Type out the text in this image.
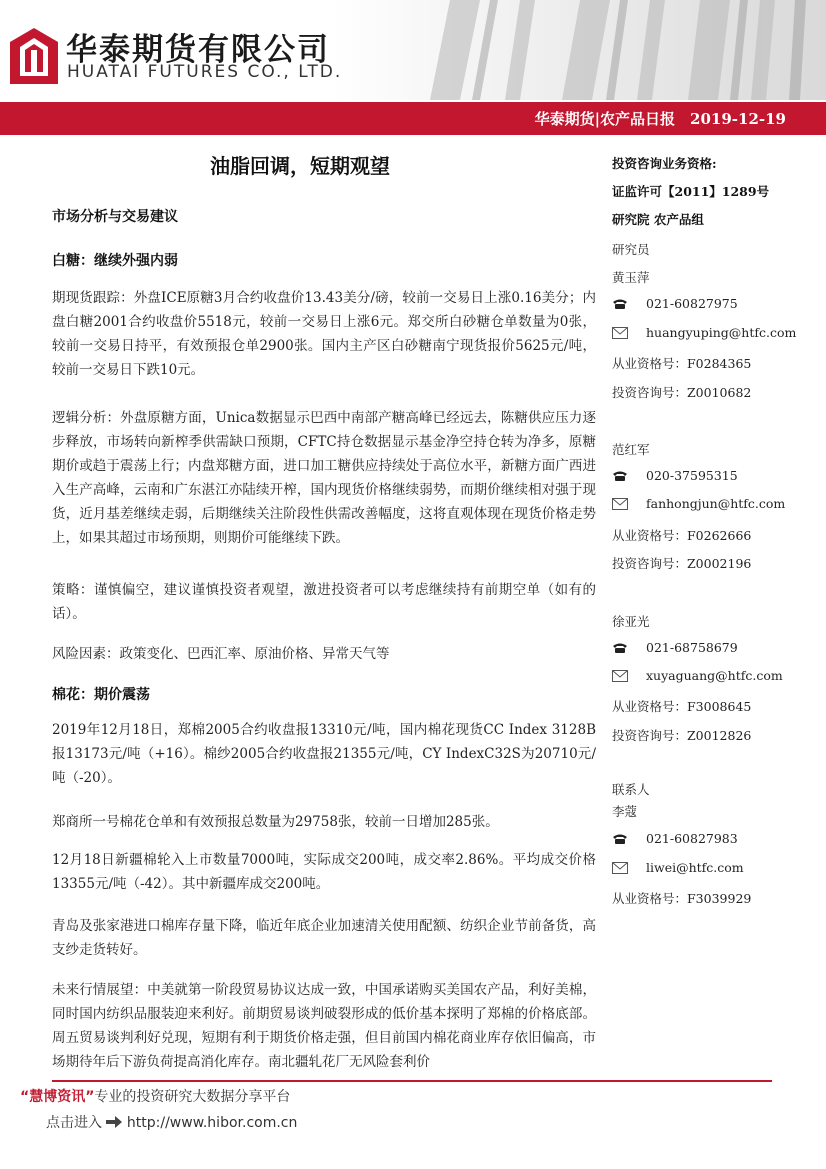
华泰期货有限公司
HUATAI FUTURES CO., LTD.
华泰期货|农产品日报　2019-12-19
油脂回调，短期观望
市场分析与交易建议
白糖：继续外强内弱
期现货跟踪：外盘ICE原糖3月合约收盘价13.43美分/磅，较前一交易日上涨0.16美分；内盘白糖2001合约收盘价5518元，较前一交易日上涨6元。郑交所白砂糖仓单数量为0张，较前一交易日持平，有效预报仓单2900张。国内主产区白砂糖南宁现货报价5625元/吨，较前一交易日下跌10元。
逻辑分析：外盘原糖方面，Unica数据显示巴西中南部产糖高峰已经远去，陈糖供应压力逐步释放，市场转向新榨季供需缺口预期，CFTC持仓数据显示基金净空持仓转为净多，原糖期价或趋于震荡上行；内盘郑糖方面，进口加工糖供应持续处于高位水平，新糖方面广西进入生产高峰，云南和广东湛江亦陆续开榨，国内现货价格继续弱势，而期价继续相对强于现货，近月基差继续走弱，后期继续关注阶段性供需改善幅度，这将直观体现在现货价格走势上，如果其超过市场预期，则期价可能继续下跌。
策略：谨慎偏空，建议谨慎投资者观望，激进投资者可以考虑继续持有前期空单（如有的话）。
风险因素：政策变化、巴西汇率、原油价格、异常天气等
棉花：期价震荡
2019年12月18日，郑棉2005合约收盘报13310元/吨，国内棉花现货CC Index 3128B报13173元/吨（+16）。棉纱2005合约收盘报21355元/吨，CY IndexC32S为20710元/吨（-20）。
郑商所一号棉花仓单和有效预报总数量为29758张，较前一日增加285张。
12月18日新疆棉轮入上市数量7000吨，实际成交200吨，成交率2.86%。平均成交价格13355元/吨（-42）。其中新疆库成交200吨。
青岛及张家港进口棉库存量下降，临近年底企业加速清关使用配额、纺织企业节前备货，高支纱走货转好。
未来行情展望：中美就第一阶段贸易协议达成一致，中国承诺购买美国农产品，利好美棉，同时国内纺织品服装迎来利好。前期贸易谈判破裂形成的低价基本探明了郑棉的价格底部。周五贸易谈判利好兑现，短期有利于期货价格走强，但目前国内棉花商业库存依旧偏高，市场期待年后下游负荷提高消化库存。南北疆轧花厂无风险套利价
投资咨询业务资格:
证监许可【2011】1289号
研究院 农产品组
研究员
黄玉萍
021-60827975
huangyuping@htfc.com
从业资格号：F0284365
投资咨询号：Z0010682
范红军
020-37595315
fanhongjun@htfc.com
从业资格号：F0262666
投资咨询号：Z0002196
徐亚光
021-68758679
xuyaguang@htfc.com
从业资格号：F3008645
投资咨询号：Z0012826
联系人
李蔻
021-60827983
liwei@htfc.com
从业资格号：F3039929
“慧博资讯”专业的投资研究大数据分享平台
点击进入 http://www.hibor.com.cn
